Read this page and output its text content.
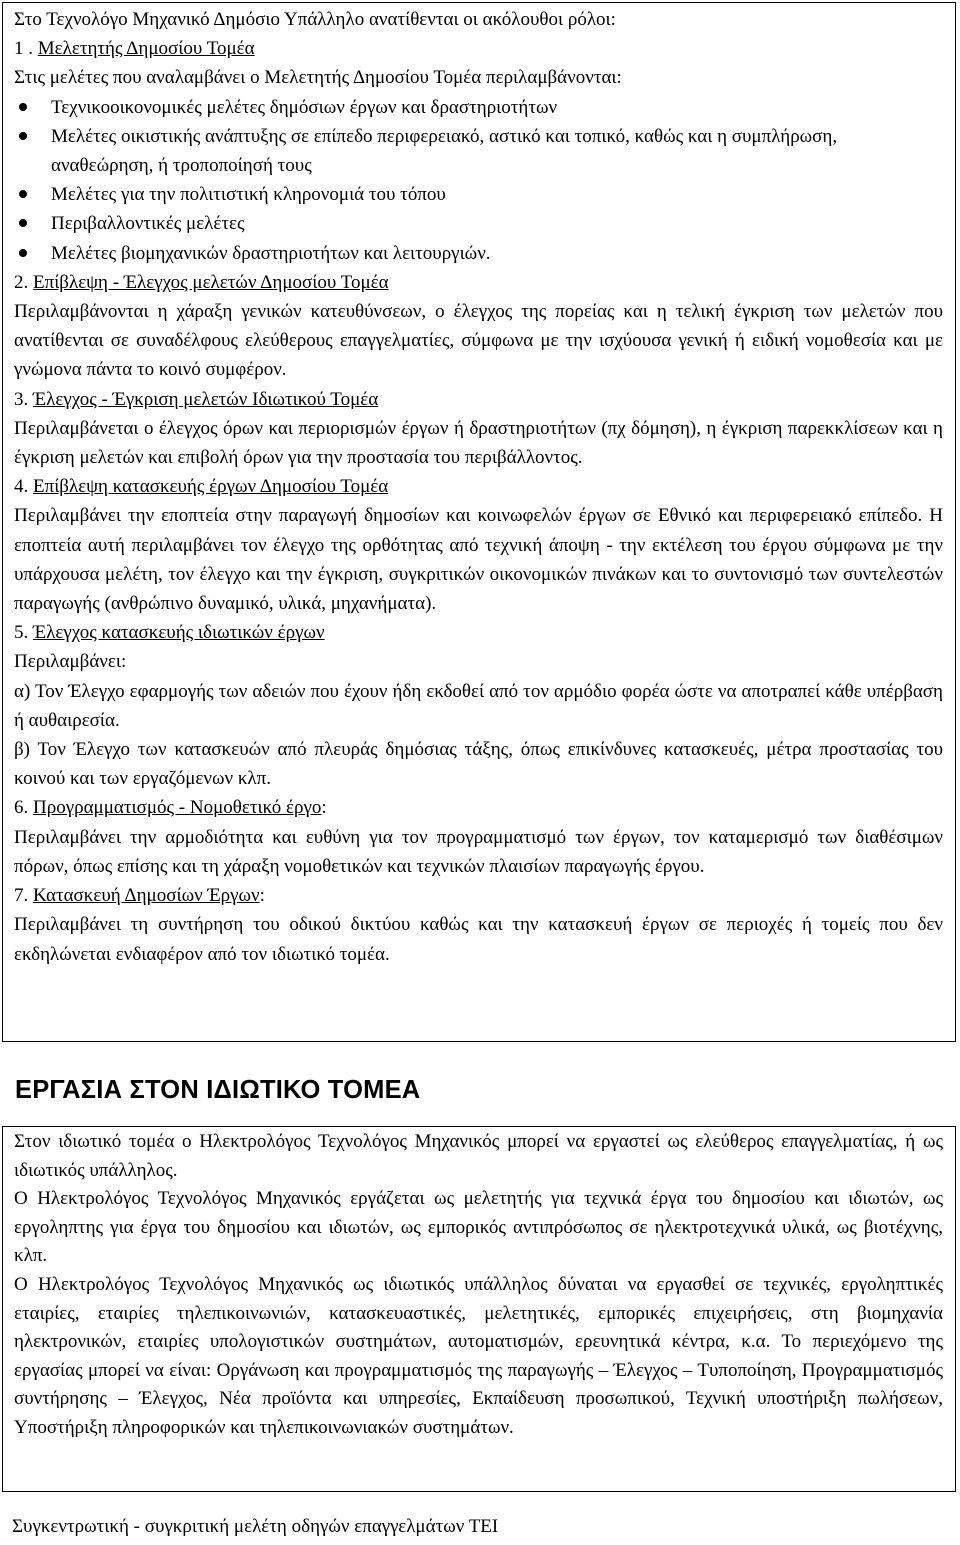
Στο Τεχνολόγο Μηχανικό Δημόσιο Υπάλληλο ανατίθενται οι ακόλουθοι ρόλοι:
1 . Μελετητής Δημοσίου Τομέα
Στις μελέτες που αναλαμβάνει ο Μελετητής Δημοσίου Τομέα περιλαμβάνονται:
Τεχνικοοικονομικές μελέτες δημόσιων έργων και δραστηριοτήτων
Μελέτες οικιστικής ανάπτυξης σε επίπεδο περιφερειακό, αστικό και τοπικό, καθώς και η συμπλήρωση, αναθεώρηση, ή τροποποίησή τους
Μελέτες για την πολιτιστική κληρονομιά του τόπου
Περιβαλλοντικές μελέτες
Μελέτες βιομηχανικών δραστηριοτήτων και λειτουργιών.
2. Επίβλεψη - Έλεγχος μελετών Δημοσίου Τομέα
Περιλαμβάνονται η χάραξη γενικών κατευθύνσεων, ο έλεγχος της πορείας και η τελική έγκριση των μελετών που ανατίθενται σε συναδέλφους ελεύθερους επαγγελματίες, σύμφωνα με την ισχύουσα γενική ή ειδική νομοθεσία και με γνώμονα πάντα το κοινό συμφέρον.
3. Έλεγχος - Έγκριση μελετών Ιδιωτικού Τομέα
Περιλαμβάνεται ο έλεγχος όρων και περιορισμών έργων ή δραστηριοτήτων (πχ δόμηση), η έγκριση παρεκκλίσεων και η έγκριση μελετών και επιβολή όρων για την προστασία του περιβάλλοντος.
4. Επίβλεψη κατασκευής έργων Δημοσίου Τομέα
Περιλαμβάνει την εποπτεία στην παραγωγή δημοσίων και κοινωφελών έργων σε Εθνικό και περιφερειακό επίπεδο. Η εποπτεία αυτή περιλαμβάνει τον έλεγχο της ορθότητας από τεχνική άποψη - την εκτέλεση του έργου σύμφωνα με την υπάρχουσα μελέτη, τον έλεγχο και την έγκριση, συγκριτικών οικονομικών πινάκων και το συντονισμό των συντελεστών παραγωγής (ανθρώπινο δυναμικό, υλικά, μηχανήματα).
5. Έλεγχος κατασκευής ιδιωτικών έργων
Περιλαμβάνει:
α) Τον Έλεγχο εφαρμογής των αδειών που έχουν ήδη εκδοθεί από τον αρμόδιο φορέα ώστε να αποτραπεί κάθε υπέρβαση ή αυθαιρεσία.
β) Τον Έλεγχο των κατασκευών από πλευράς δημόσιας τάξης, όπως επικίνδυνες κατασκευές, μέτρα προστασίας του κοινού και των εργαζόμενων κλπ.
6. Προγραμματισμός - Νομοθετικό έργο:
Περιλαμβάνει την αρμοδιότητα και ευθύνη για τον προγραμματισμό των έργων, τον καταμερισμό των διαθέσιμων πόρων, όπως επίσης και τη χάραξη νομοθετικών και τεχνικών πλαισίων παραγωγής έργου.
7. Κατασκευή Δημοσίων Έργων:
Περιλαμβάνει τη συντήρηση του οδικού δικτύου καθώς και την κατασκευή έργων σε περιοχές ή τομείς που δεν εκδηλώνεται ενδιαφέρον από τον ιδιωτικό τομέα.
ΕΡΓΑΣΙΑ ΣΤΟΝ ΙΔΙΩΤΙΚΟ ΤΟΜΕΑ
Στον ιδιωτικό τομέα ο Ηλεκτρολόγος Τεχνολόγος Μηχανικός μπορεί να εργαστεί ως ελεύθερος επαγγελματίας, ή ως ιδιωτικός υπάλληλος.
Ο Ηλεκτρολόγος Τεχνολόγος Μηχανικός εργάζεται ως μελετητής για τεχνικά έργα του δημοσίου και ιδιωτών, ως εργοληπτης για έργα του δημοσίου και ιδιωτών, ως εμπορικός αντιπρόσωπος σε ηλεκτροτεχνικά υλικά, ως βιοτέχνης, κλπ.
Ο Ηλεκτρολόγος Τεχνολόγος Μηχανικός ως ιδιωτικός υπάλληλος δύναται να εργασθεί σε τεχνικές, εργοληπτικές εταιρίες, εταιρίες τηλεπικοινωνιών, κατασκευαστικές, μελετητικές, εμπορικές επιχειρήσεις, στη βιομηχανία ηλεκτρονικών, εταιρίες υπολογιστικών συστημάτων, αυτοματισμών, ερευνητικά κέντρα, κ.α. Το περιεχόμενο της εργασίας μπορεί να είναι: Οργάνωση και προγραμματισμός της παραγωγής – Έλεγχος – Τυποποίηση, Προγραμματισμός συντήρησης – Έλεγχος, Νέα προϊόντα και υπηρεσίες, Εκπαίδευση προσωπικού, Τεχνική υποστήριξη πωλήσεων, Υποστήριξη πληροφορικών και τηλεπικοινωνιακών συστημάτων.
Συγκεντρωτική - συγκριτική μελέτη οδηγών επαγγελμάτων ΤΕΙ
